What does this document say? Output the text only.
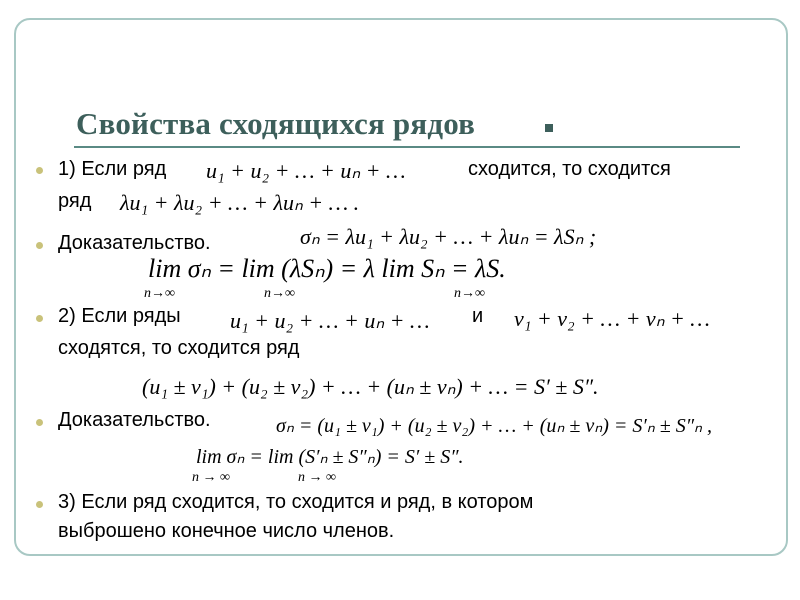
Свойства сходящихся рядов
1) Если ряд u₁ + u₂ + … + uₙ + …	сходится, то сходится
ряд λu₁ + λu₂ + … + λuₙ + … .
Доказательство.	σₙ = λu₁ + λu₂ + … + λuₙ = λSₙ ;
lim σₙ = lim (λSₙ) = λ lim Sₙ = λS.
n→∞	n→∞	n→∞
2) Если ряды u₁ + u₂ + … + uₙ + … и v₁ + v₂ + … + vₙ + …
сходятся, то сходится ряд
(u₁ ± v₁) + (u₂ ± v₂) + … + (uₙ ± vₙ) + … = S′ ± S″.
Доказательство.	σₙ = (u₁ ± v₁) + (u₂ ± v₂) + … + (uₙ ± vₙ) = S′ₙ ± S″ₙ ,
lim σₙ = lim (S′ₙ ± S″ₙ) = S′ ± S″.
n → ∞	n → ∞
3) Если ряд сходится, то сходится и ряд, в котором
выброшено конечное число членов.
